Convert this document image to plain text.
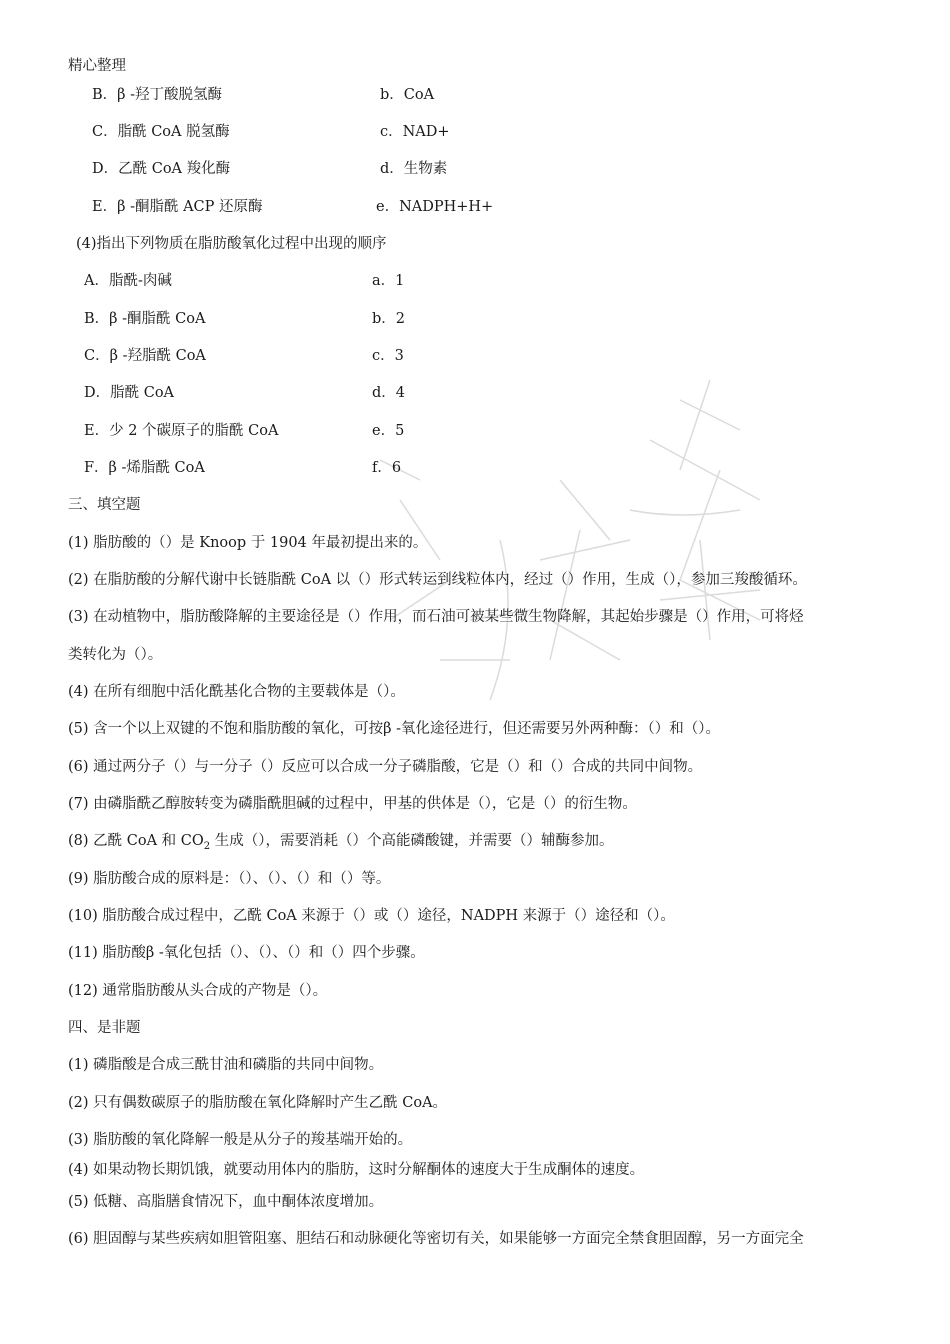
精心整理
B．β -羟丁酸脱氢酶	b．CoA
C．脂酰 CoA 脱氢酶	c．NAD+
D．乙酰 CoA 羧化酶	d．生物素
E．β -酮脂酰 ACP 还原酶	e．NADPH+H+
(4)指出下列物质在脂肪酸氧化过程中出现的顺序
A．脂酰-肉碱	a．1
B．β -酮脂酰 CoA	b．2
C．β -羟脂酰 CoA	c．3
D．脂酰 CoA	d．4
E．少 2 个碳原子的脂酰 CoA	e．5
F．β -烯脂酰 CoA	f．6
三、填空题
(1) 脂肪酸的（）是 Knoop 于 1904 年最初提出来的。
(2) 在脂肪酸的分解代谢中长链脂酰 CoA 以（）形式转运到线粒体内，经过（）作用，生成（），参加三羧酸循环。
(3) 在动植物中，脂肪酸降解的主要途径是（）作用，而石油可被某些微生物降解，其起始步骤是（）作用，可将烃
类转化为（）。
(4) 在所有细胞中活化酰基化合物的主要载体是（）。
(5) 含一个以上双键的不饱和脂肪酸的氧化，可按β -氧化途径进行，但还需要另外两种酶：（）和（）。
(6) 通过两分子（）与一分子（）反应可以合成一分子磷脂酸，它是（）和（）合成的共同中间物。
(7) 由磷脂酰乙醇胺转变为磷脂酰胆碱的过程中，甲基的供体是（），它是（）的衍生物。
(8) 乙酰 CoA 和 $CO_2$ 生成（），需要消耗（）个高能磷酸键，并需要（）辅酶参加。
(9) 脂肪酸合成的原料是：（）、（）、（）和（）等。
(10) 脂肪酸合成过程中，乙酰 CoA 来源于（）或（）途径，NADPH 来源于（）途径和（）。
(11) 脂肪酸β -氧化包括（）、（）、（）和（）四个步骤。
(12) 通常脂肪酸从头合成的产物是（）。
四、是非题
(1) 磷脂酸是合成三酰甘油和磷脂的共同中间物。
(2) 只有偶数碳原子的脂肪酸在氧化降解时产生乙酰 CoA。
(3) 脂肪酸的氧化降解一般是从分子的羧基端开始的。
(4) 如果动物长期饥饿，就要动用体内的脂肪，这时分解酮体的速度大于生成酮体的速度。
(5) 低糖、高脂膳食情况下，血中酮体浓度增加。
(6) 胆固醇与某些疾病如胆管阻塞、胆结石和动脉硬化等密切有关，如果能够一方面完全禁食胆固醇，另一方面完全
